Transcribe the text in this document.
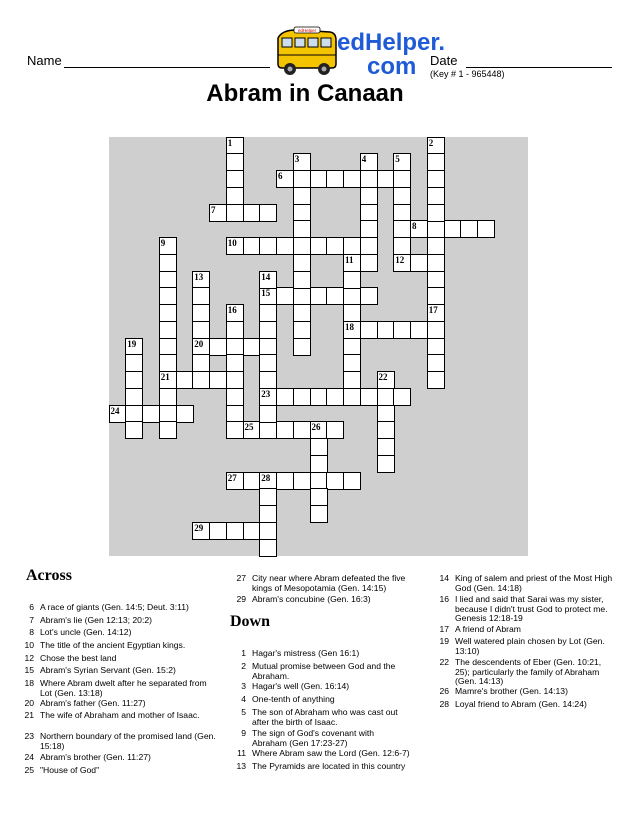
Name
edHelper edHelper.
com Date
(Key # 1 - 965448)
Abram in Canaan
6
7
8
10
12
15
18
20
21
23
24
25	26
27	28
29
1	2
17
3	4	5
9
11
13	14
16
19
22
Across
6 A race of giants (Gen. 14:5; Deut. 3:11)
7 Abram's lie (Gen 12:13; 20:2)
8 Lot's uncle (Gen. 14:12)
10 The title of the ancient Egyptian kings.
12 Chose the best land
15 Abram's Syrian Servant (Gen. 15:2)
18 Where Abram dwelt after he separated from Lot (Gen. 13:18)
20 Abram's father (Gen. 11:27)
21 The wife of Abraham and mother of Isaac.
23 Northern boundary of the promised land (Gen. 15:18)
24 Abram's brother (Gen. 11:27)
25 "House of God"
27 City near where Abram defeated the five kings of Mesopotamia (Gen. 14:15)
29 Abram's concubine (Gen. 16:3)
1 Hagar's mistress (Gen 16:1)
2 Mutual promise between God and the Abraham.
3 Hagar's well (Gen. 16:14)
4 One-tenth of anything
5 The son of Abraham who was cast out after the birth of Isaac.
9 The sign of God's covenant with Abraham (Gen 17:23-27)
11 Where Abram saw the Lord (Gen. 12:6-7)
13 The Pyramids are located in this country
14 King of salem and priest of the Most High God (Gen. 14:18)
16 I lied and said that Sarai was my sister, because I didn't trust God to protect me. Genesis 12:18-19
17 A friend of Abram
19 Well watered plain chosen by Lot (Gen. 13:10)
22 The descendents of Eber (Gen. 10:21, 25); particularly the family of Abraham (Gen. 14:13)
26 Mamre's brother (Gen. 14:13)
28 Loyal friend to Abram (Gen. 14:24)
Down
